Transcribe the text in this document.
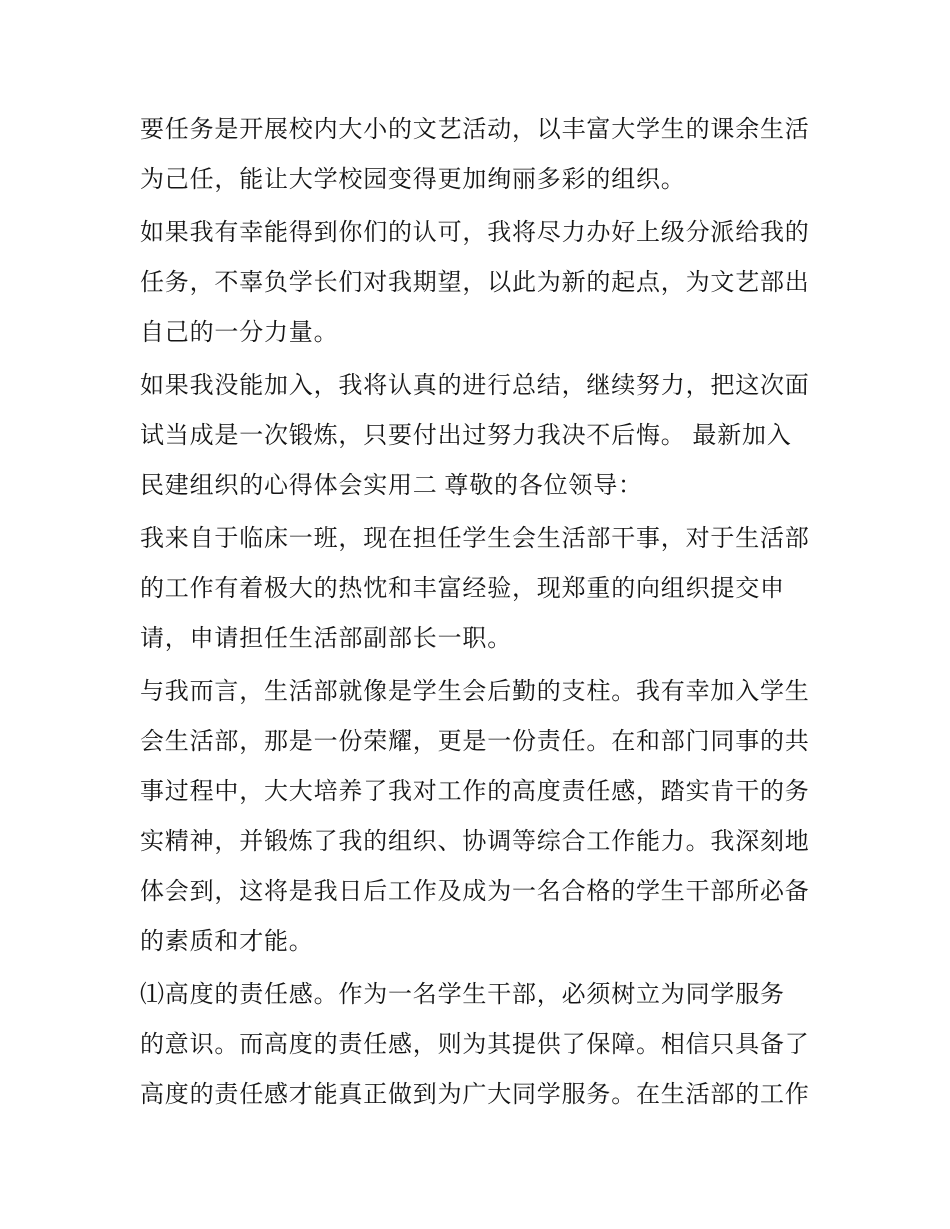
要任务是开展校内大小的文艺活动，以丰富大学生的课余生活
为己任，能让大学校园变得更加绚丽多彩的组织。

如果我有幸能得到你们的认可，我将尽力办好上级分派给我的
任务，不辜负学长们对我期望，以此为新的起点，为文艺部出
自己的一分力量。

如果我没能加入，我将认真的进行总结，继续努力，把这次面
试当成是一次锻炼，只要付出过努力我决不后悔。 最新加入
民建组织的心得体会实用二 尊敬的各位领导：

我来自于临床一班，现在担任学生会生活部干事，对于生活部
的工作有着极大的热忱和丰富经验，现郑重的向组织提交申
请，申请担任生活部副部长一职。

与我而言，生活部就像是学生会后勤的支柱。我有幸加入学生
会生活部，那是一份荣耀，更是一份责任。在和部门同事的共
事过程中，大大培养了我对工作的高度责任感，踏实肯干的务
实精神，并锻炼了我的组织、协调等综合工作能力。我深刻地
体会到，这将是我日后工作及成为一名合格的学生干部所必备
的素质和才能。

⑴高度的责任感。作为一名学生干部，必须树立为同学服务
的意识。而高度的责任感，则为其提供了保障。相信只具备了
高度的责任感才能真正做到为广大同学服务。在生活部的工作
